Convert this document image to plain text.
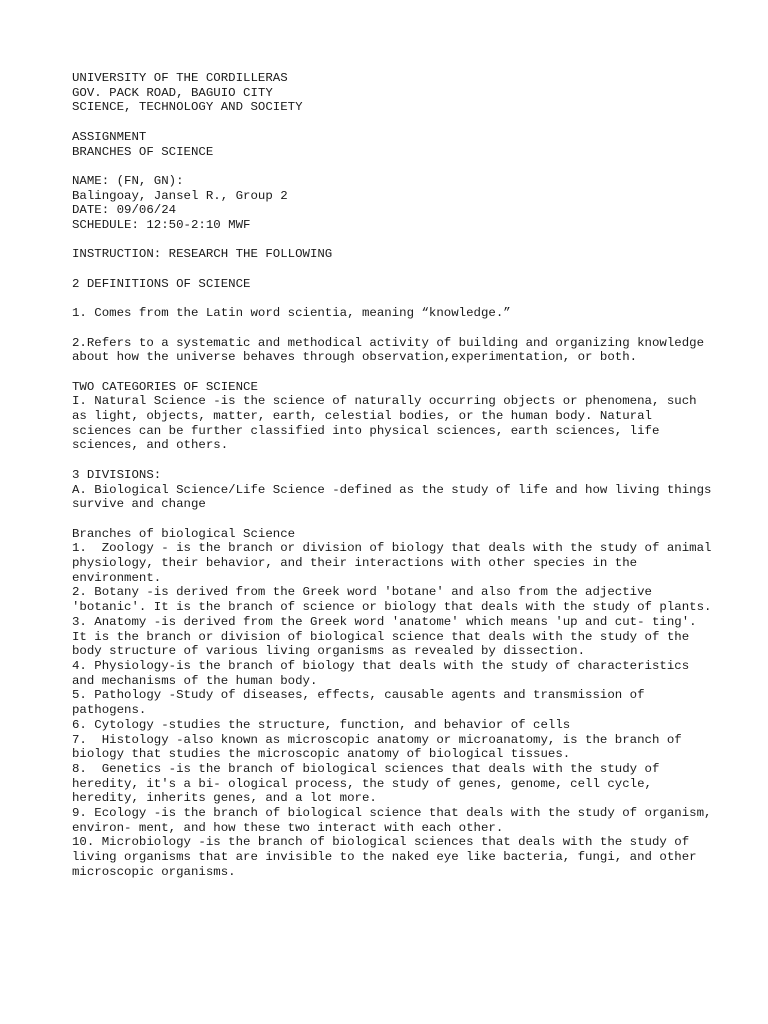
UNIVERSITY OF THE CORDILLERAS
GOV. PACK ROAD, BAGUIO CITY
SCIENCE, TECHNOLOGY AND SOCIETY
ASSIGNMENT
BRANCHES OF SCIENCE
NAME: (FN, GN):
Balingoay, Jansel R., Group 2
DATE: 09/06/24
SCHEDULE: 12:50-2:10 MWF
INSTRUCTION: RESEARCH THE FOLLOWING
2 DEFINITIONS OF SCIENCE
1. Comes from the Latin word scientia, meaning “knowledge.”
2.Refers to a systematic and methodical activity of building and organizing knowledge about how the universe behaves through observation,experimentation, or both.
TWO CATEGORIES OF SCIENCE
I. Natural Science -is the science of naturally occurring objects or phenomena, such as light, objects, matter, earth, celestial bodies, or the human body. Natural sciences can be further classified into physical sciences, earth sciences, life sciences, and others.
3 DIVISIONS:
A. Biological Science/Life Science -defined as the study of life and how living things survive and change
Branches of biological Science
1.  Zoology - is the branch or division of biology that deals with the study of animal physiology, their behavior, and their interactions with other species in the environment.
2. Botany -is derived from the Greek word 'botane' and also from the adjective 'botanic'. It is the branch of science or biology that deals with the study of plants.
3. Anatomy -is derived from the Greek word 'anatome' which means 'up and cut- ting'. It is the branch or division of biological science that deals with the study of the body structure of various living organisms as revealed by dissection.
4. Physiology-is the branch of biology that deals with the study of characteristics and mechanisms of the human body.
5. Pathology -Study of diseases, effects, causable agents and transmission of pathogens.
6. Cytology -studies the structure, function, and behavior of cells
7.  Histology -also known as microscopic anatomy or microanatomy, is the branch of biology that studies the microscopic anatomy of biological tissues.
8.  Genetics -is the branch of biological sciences that deals with the study of heredity, it's a bi- ological process, the study of genes, genome, cell cycle, heredity, inherits genes, and a lot more.
9. Ecology -is the branch of biological science that deals with the study of organism, environ- ment, and how these two interact with each other.
10. Microbiology -is the branch of biological sciences that deals with the study of living organisms that are invisible to the naked eye like bacteria, fungi, and other microscopic organisms.
